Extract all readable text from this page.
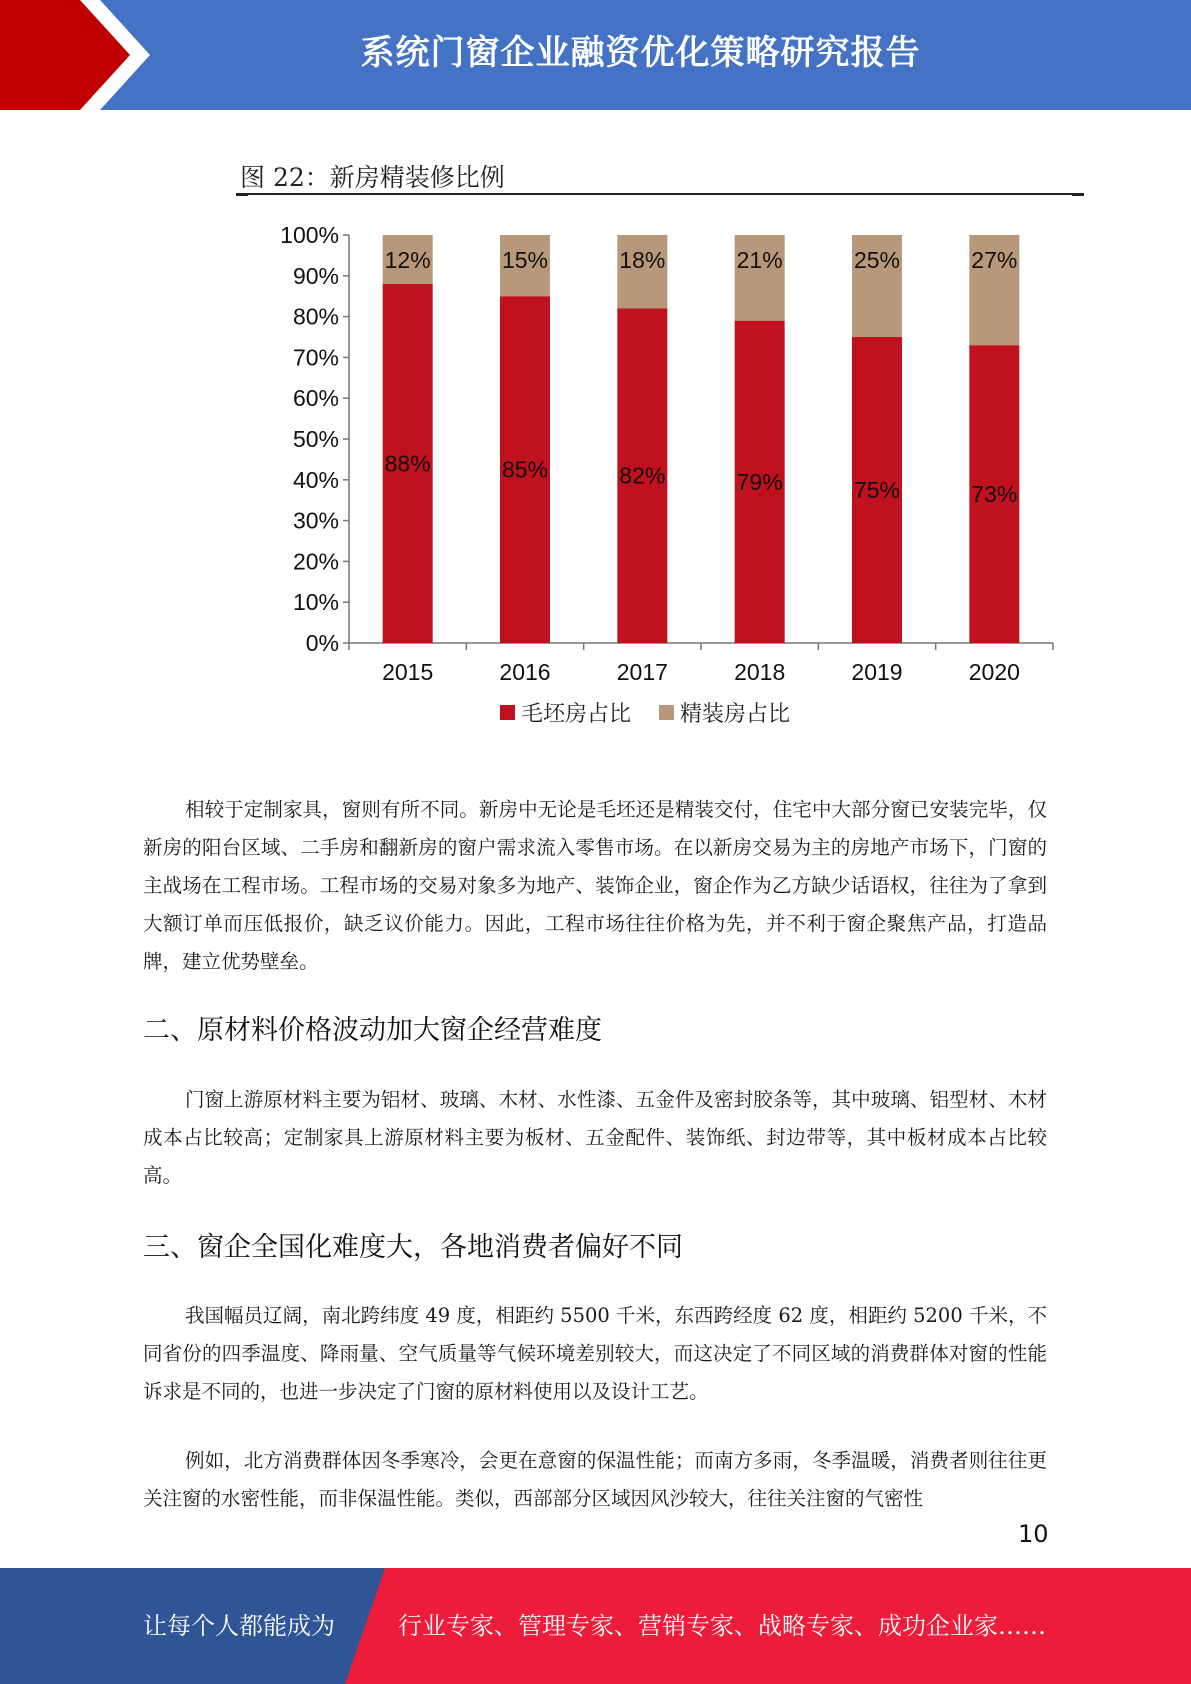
系统门窗企业融资优化策略研究报告
图 22：新房精装修比例
0%
10%
20%
30%
40%
50%
60%
70%
80%
90%
100%
88%
12%
2015
85%
15%
2016
82%
18%
2017
79%
21%
2018
75%
25%
2019
73%
27%
2020
毛坯房占比 精装房占比

相较于定制家具，窗则有所不同。新房中无论是毛坯还是精装交付，住宅中大部分窗已安装完毕，仅新房的阳台区域、二手房和翻新房的窗户需求流入零售市场。在以新房交易为主的房地产市场下，门窗的主战场在工程市场。工程市场的交易对象多为地产、装饰企业，窗企作为乙方缺少话语权，往往为了拿到大额订单而压低报价，缺乏议价能力。因此，工程市场往往价格为先，并不利于窗企聚焦产品，打造品牌，建立优势壁垒。

二、原材料价格波动加大窗企经营难度

门窗上游原材料主要为铝材、玻璃、木材、水性漆、五金件及密封胶条等，其中玻璃、铝型材、木材成本占比较高；定制家具上游原材料主要为板材、五金配件、装饰纸、封边带等，其中板材成本占比较高。

三、窗企全国化难度大，各地消费者偏好不同

我国幅员辽阔，南北跨纬度 49 度，相距约 5500 千米，东西跨经度 62 度，相距约 5200 千米，不同省份的四季温度、降雨量、空气质量等气候环境差别较大，而这决定了不同区域的消费群体对窗的性能诉求是不同的，也进一步决定了门窗的原材料使用以及设计工艺。

例如，北方消费群体因冬季寒冷，会更在意窗的保温性能；而南方多雨，冬季温暖，消费者则往往更关注窗的水密性能，而非保温性能。类似，西部部分区域因风沙较大，往往关注窗的气密性

10
让每个人都能成为	行业专家、管理专家、营销专家、战略专家、成功企业家……
